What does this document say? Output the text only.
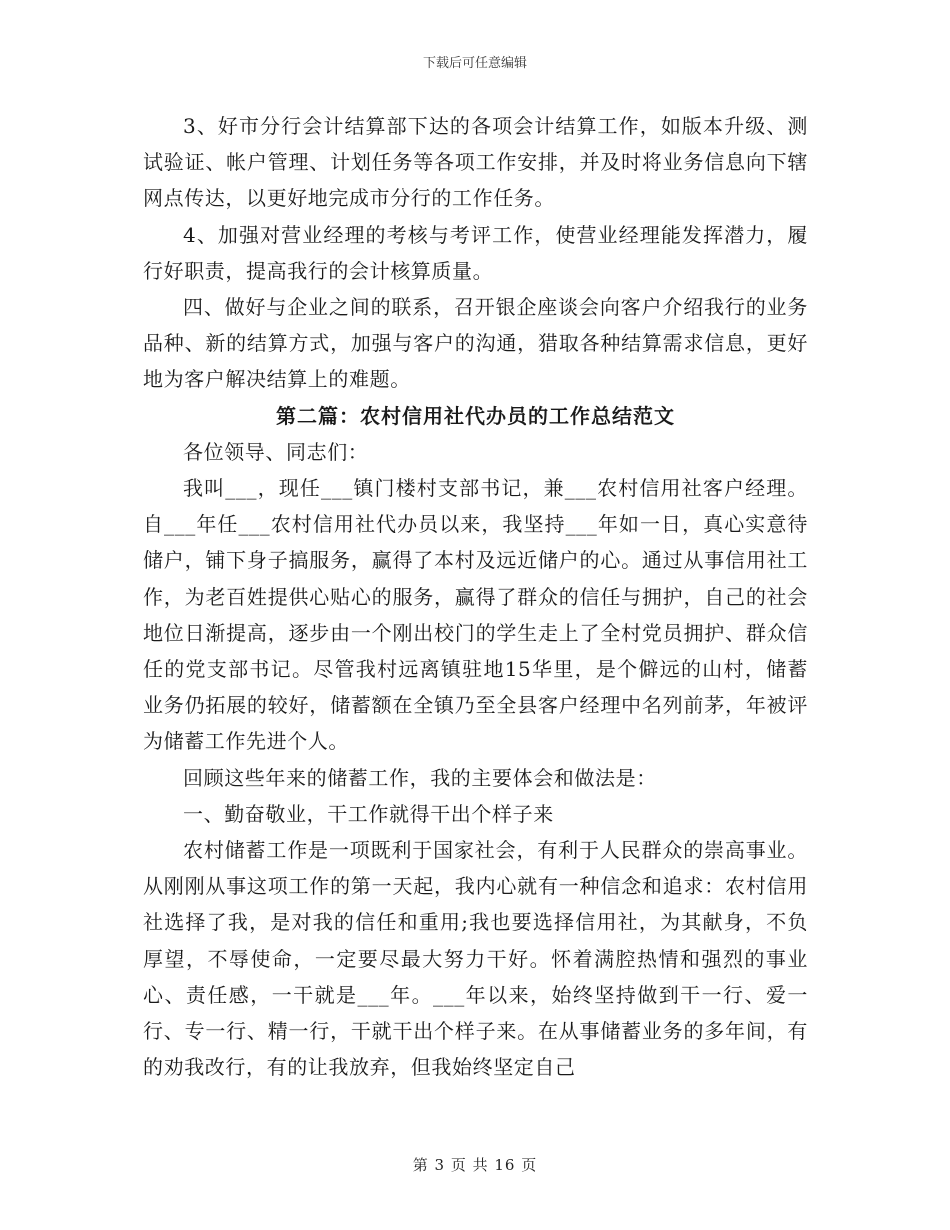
下载后可任意编辑

3、好市分行会计结算部下达的各项会计结算工作，如版本升级、测试验证、帐户管理、计划任务等各项工作安排，并及时将业务信息向下辖网点传达，以更好地完成市分行的工作任务。

4、加强对营业经理的考核与考评工作，使营业经理能发挥潜力，履行好职责，提高我行的会计核算质量。

四、做好与企业之间的联系，召开银企座谈会向客户介绍我行的业务品种、新的结算方式，加强与客户的沟通，猎取各种结算需求信息，更好地为客户解决结算上的难题。

第二篇：农村信用社代办员的工作总结范文

各位领导、同志们：

我叫___，现任___镇门楼村支部书记，兼___农村信用社客户经理。自___年任___农村信用社代办员以来，我坚持___年如一日，真心实意待储户，铺下身子搞服务，赢得了本村及远近储户的心。通过从事信用社工作，为老百姓提供心贴心的服务，赢得了群众的信任与拥护，自己的社会地位日渐提高，逐步由一个刚出校门的学生走上了全村党员拥护、群众信任的党支部书记。尽管我村远离镇驻地15华里，是个僻远的山村，储蓄业务仍拓展的较好，储蓄额在全镇乃至全县客户经理中名列前茅，年被评为储蓄工作先进个人。

回顾这些年来的储蓄工作，我的主要体会和做法是：

一、勤奋敬业，干工作就得干出个样子来

农村储蓄工作是一项既利于国家社会，有利于人民群众的崇高事业。从刚刚从事这项工作的第一天起，我内心就有一种信念和追求：农村信用社选择了我，是对我的信任和重用;我也要选择信用社，为其献身，不负厚望，不辱使命，一定要尽最大努力干好。怀着满腔热情和强烈的事业心、责任感，一干就是___年。___年以来，始终坚持做到干一行、爱一行、专一行、精一行，干就干出个样子来。在从事储蓄业务的多年间，有的劝我改行，有的让我放弃，但我始终坚定自己

第 3 页 共 16 页
